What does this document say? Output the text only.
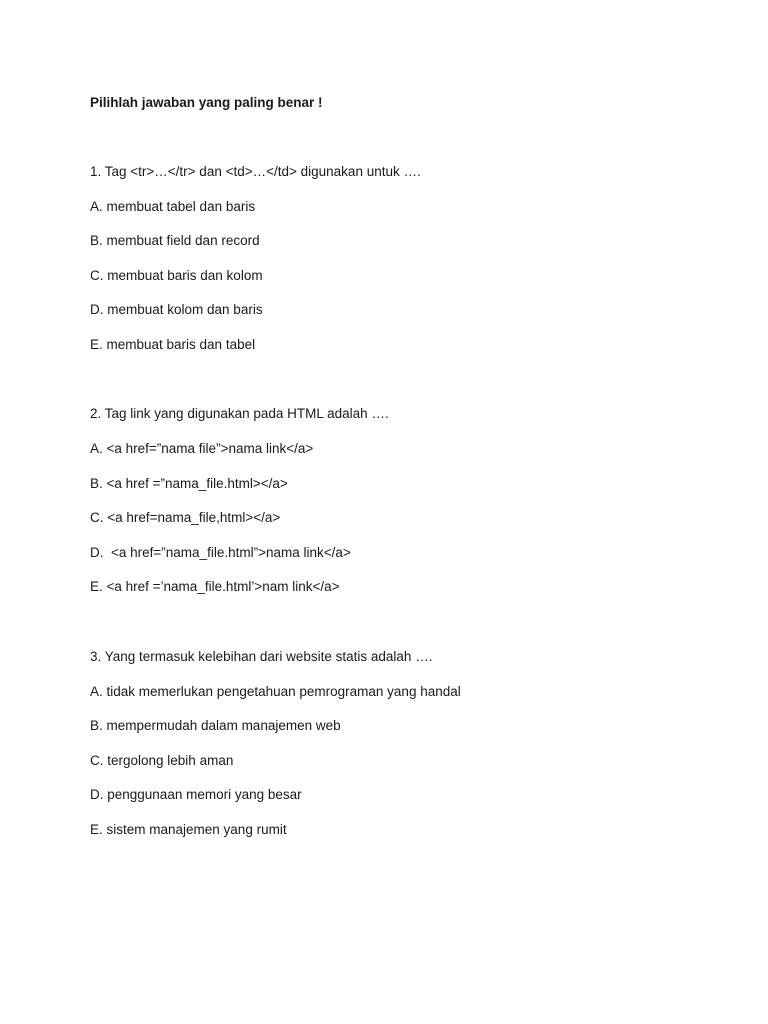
Pilihlah jawaban yang paling benar !
1. Tag <tr>…</tr> dan <td>…</td> digunakan untuk ….
A. membuat tabel dan baris
B. membuat field dan record
C. membuat baris dan kolom
D. membuat kolom dan baris
E. membuat baris dan tabel
2. Tag link yang digunakan pada HTML adalah ….
A. <a href=”nama file”>nama link</a>
B. <a href =”nama_file.html></a>
C. <a href=nama_file,html></a>
D.  <a href=”nama_file.html”>nama link</a>
E. <a href =’nama_file.html’>nam link</a>
3. Yang termasuk kelebihan dari website statis adalah ….
A. tidak memerlukan pengetahuan pemrograman yang handal
B. mempermudah dalam manajemen web
C. tergolong lebih aman
D. penggunaan memori yang besar
E. sistem manajemen yang rumit
